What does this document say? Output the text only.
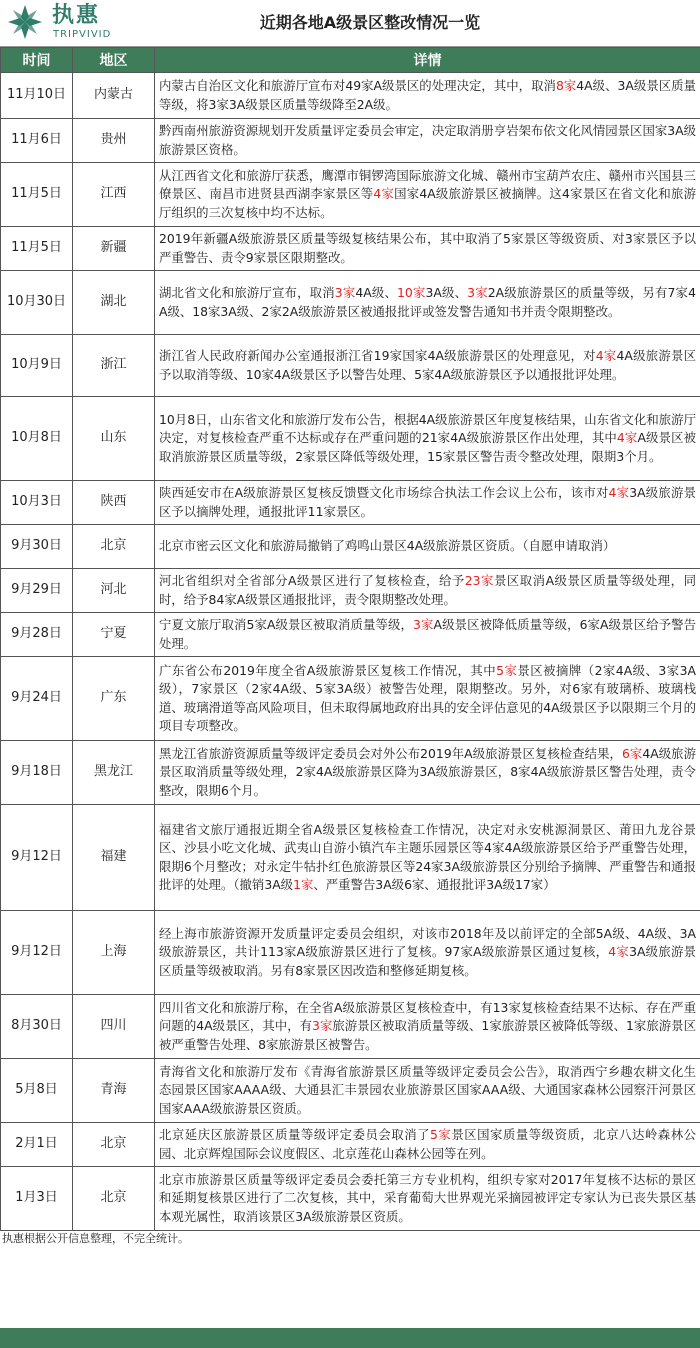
执惠
TRIPVIVID
近期各地A级景区整改情况一览
时间	地区	详情
11月10日	内蒙古	内蒙古自治区文化和旅游厅宣布对49家A级景区的处理决定，其中，取消8家4A级、3A级景区质量等级，将3家3A级景区质量等级降至2A级。
11月6日	贵州	黔西南州旅游资源规划开发质量评定委员会审定，决定取消册亨岩架布依文化风情园景区国家3A级旅游景区资格。
11月5日	江西	从江西省文化和旅游厅获悉，鹰潭市铜锣湾国际旅游文化城、赣州市宝葫芦农庄、赣州市兴国县三僚景区、南昌市进贤县西湖李家景区等4家国家4A级旅游景区被摘牌。这4家景区在省文化和旅游厅组织的三次复核中均不达标。
11月5日	新疆	2019年新疆A级旅游景区质量等级复核结果公布，其中取消了5家景区等级资质、对3家景区予以严重警告、责令9家景区限期整改。
10月30日	湖北	湖北省文化和旅游厅宣布，取消3家4A级、10家3A级、3家2A级旅游景区的质量等级，另有7家4A级、18家3A级、2家2A级旅游景区被通报批评或签发警告通知书并责令限期整改。
10月9日	浙江	浙江省人民政府新闻办公室通报浙江省19家国家4A级旅游景区的处理意见，对4家4A级旅游景区予以取消等级、10家4A级景区予以警告处理、5家4A级旅游景区予以通报批评处理。
10月8日	山东	10月8日，山东省文化和旅游厅发布公告，根据4A级旅游景区年度复核结果，山东省文化和旅游厅决定，对复核检查严重不达标或存在严重问题的21家4A级旅游景区作出处理，其中4家A级景区被取消旅游景区质量等级，2家景区降低等级处理，15家景区警告责令整改处理，限期3个月。
10月3日	陕西	陕西延安市在A级旅游景区复核反馈暨文化市场综合执法工作会议上公布，该市对4家3A级旅游景区予以摘牌处理，通报批评11家景区。
9月30日	北京	北京市密云区文化和旅游局撤销了鸡鸣山景区4A级旅游景区资质。（自愿申请取消）
9月29日	河北	河北省组织对全省部分A级景区进行了复核检查，给予23家景区取消A级景区质量等级处理，同时，给予84家A级景区通报批评，责令限期整改处理。
9月28日	宁夏	宁夏文旅厅取消5家A级景区被取消质量等级，3家A级景区被降低质量等级，6家A级景区给予警告处理。
9月24日	广东	广东省公布2019年度全省A级旅游景区复核工作情况，其中5家景区被摘牌（2家4A级、3家3A级），7家景区（2家4A级、5家3A级）被警告处理，限期整改。另外，对6家有玻璃桥、玻璃栈道、玻璃滑道等高风险项目，但未取得属地政府出具的安全评估意见的4A级景区予以限期三个月的项目专项整改。
9月18日	黑龙江	黑龙江省旅游资源质量等级评定委员会对外公布2019年A级旅游景区复核检查结果，6家4A级旅游景区取消质量等级处理，2家4A级旅游景区降为3A级旅游景区，8家4A级旅游景区警告处理，责令整改，限期6个月。
9月12日	福建	福建省文旅厅通报近期全省A级景区复核检查工作情况，决定对永安桃源洞景区、莆田九龙谷景区、沙县小吃文化城、武夷山自游小镇汽车主题乐园景区等4家4A级旅游景区给予严重警告处理，限期6个月整改；对永定牛牯扑红色旅游景区等24家3A级旅游景区分别给予摘牌、严重警告和通报批评的处理。（撤销3A级1家、严重警告3A级6家、通报批评3A级17家）
9月12日	上海	经上海市旅游资源开发质量评定委员会组织，对该市2018年及以前评定的全部5A级、4A级、3A级旅游景区，共计113家A级旅游景区进行了复核。97家A级旅游景区通过复核，4家3A级旅游景区质量等级被取消。另有8家景区因改造和整修延期复核。
8月30日	四川	四川省文化和旅游厅称，在全省A级旅游景区复核检查中，有13家复核检查结果不达标、存在严重问题的4A级景区，其中，有3家旅游景区被取消质量等级、1家旅游景区被降低等级、1家旅游景区被严重警告处理、8家旅游景区被警告。
5月8日	青海	青海省文化和旅游厅发布《青海省旅游景区质量等级评定委员会公告》，取消西宁乡趣农耕文化生态园景区国家AAAA级、大通县汇丰景园农业旅游景区国家AAA级、大通国家森林公园察汗河景区国家AAA级旅游景区资质。
2月1日	北京	北京延庆区旅游景区质量等级评定委员会取消了5家景区国家质量等级资质，北京八达岭森林公园、北京辉煌国际会议度假区、北京莲花山森林公园等在列。
1月3日	北京	北京市旅游景区质量等级评定委员会委托第三方专业机构，组织专家对2017年复核不达标的景区和延期复核景区进行了二次复核，其中，采育葡萄大世界观光采摘园被评定专家认为已丧失景区基本观光属性，取消该景区3A级旅游景区资质。
执惠根据公开信息整理，不完全统计。
